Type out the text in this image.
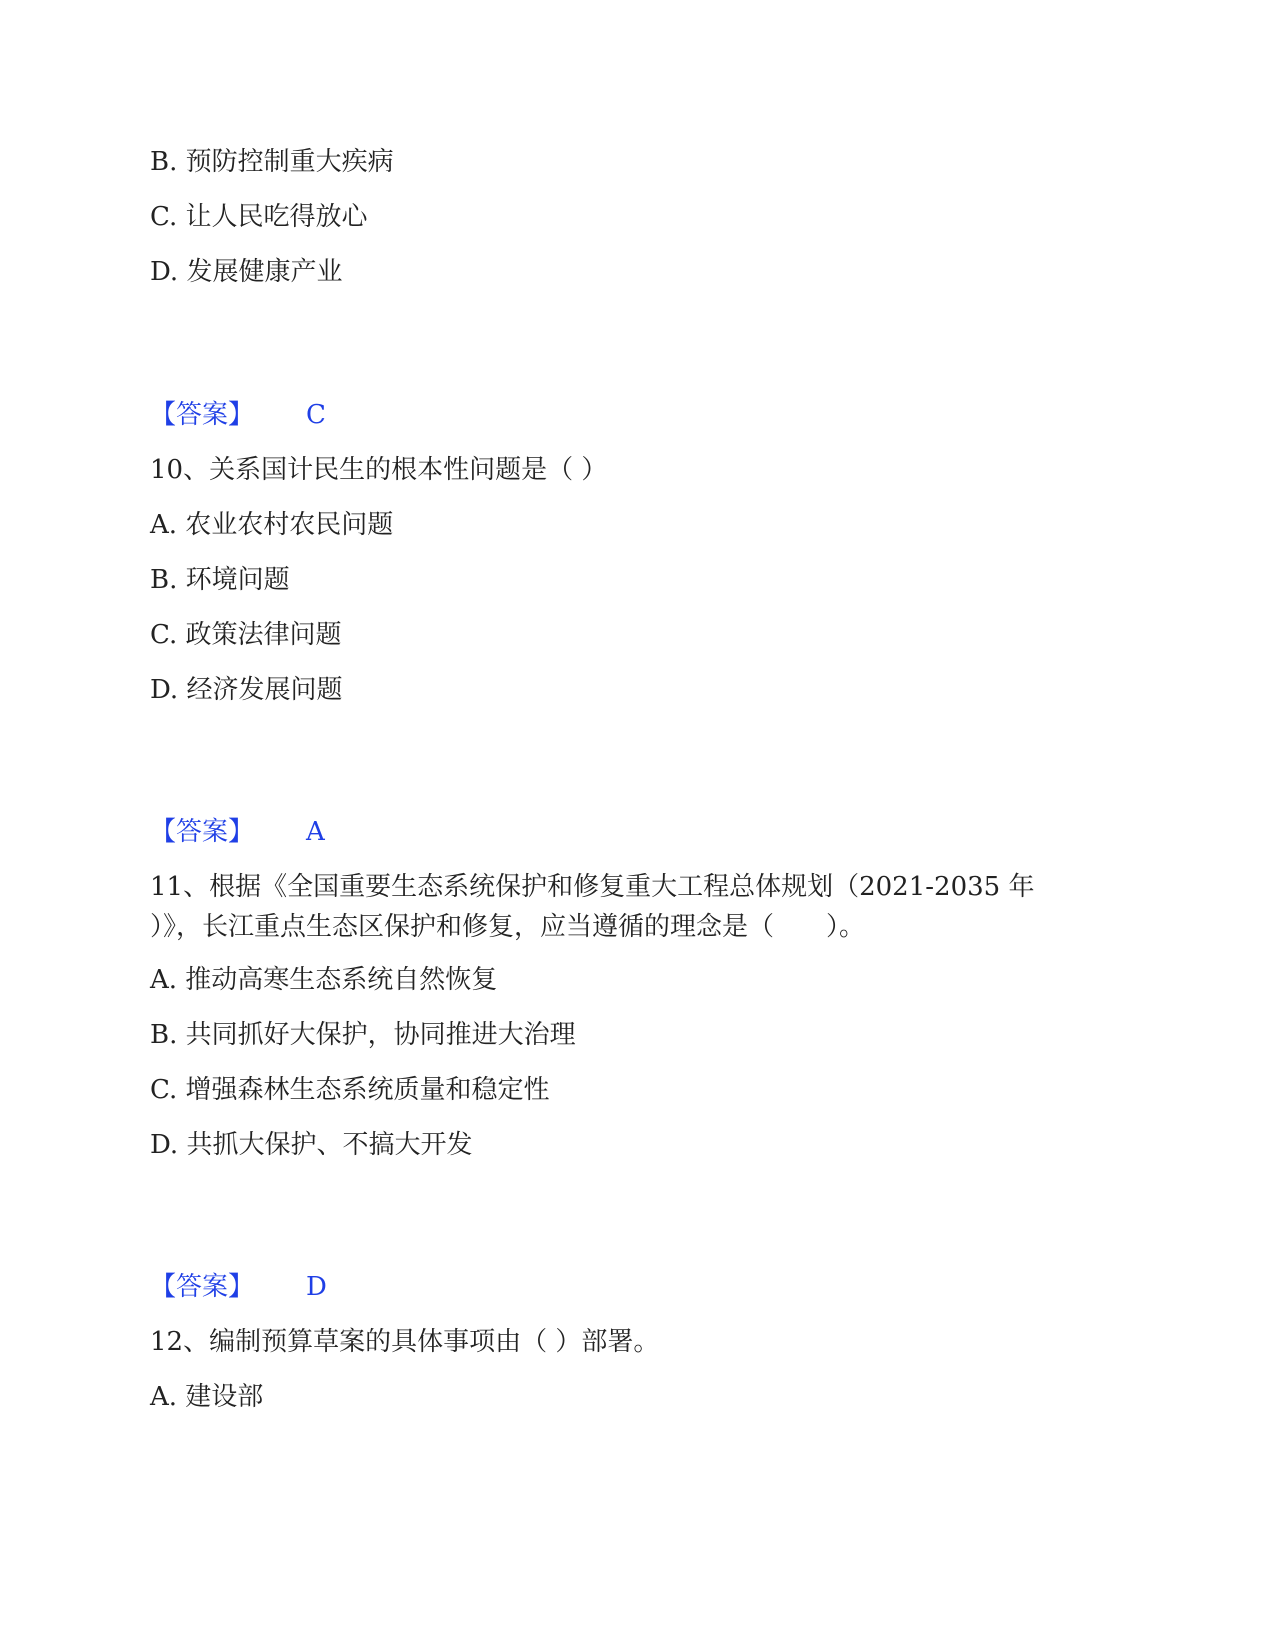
B. 预防控制重大疾病
C. 让人民吃得放心
D. 发展健康产业
【答案】 C
10、关系国计民生的根本性问题是（ ）
A. 农业农村农民问题
B. 环境问题
C. 政策法律问题
D. 经济发展问题
【答案】 A
11、根据《全国重要生态系统保护和修复重大工程总体规划（2021-2035 年
）》，长江重点生态区保护和修复，应当遵循的理念是（　　）。
A. 推动高寒生态系统自然恢复
B. 共同抓好大保护，协同推进大治理
C. 增强森林生态系统质量和稳定性
D. 共抓大保护、不搞大开发
【答案】 D
12、编制预算草案的具体事项由（ ）部署。
A. 建设部
